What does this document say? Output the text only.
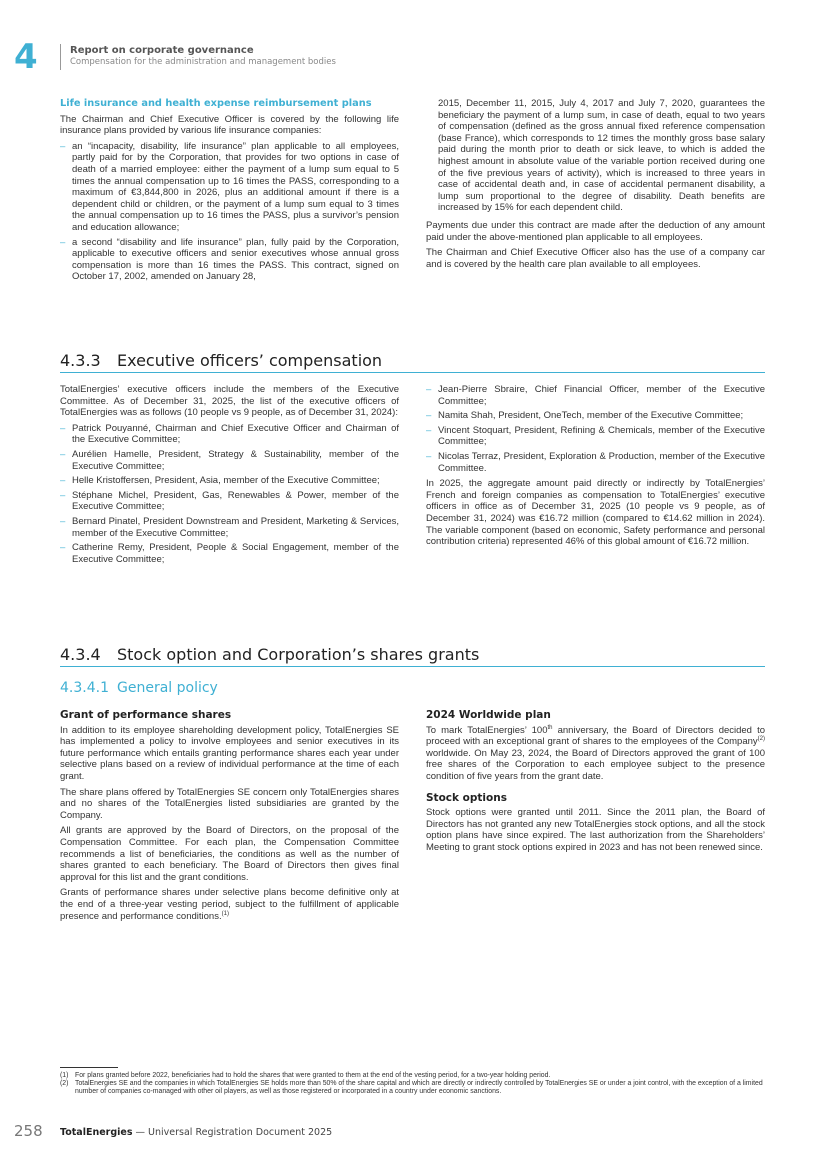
4	Report on corporate governance
Compensation for the administration and management bodies
Life insurance and health expense reimbursement plans

The Chairman and Chief Executive Officer is covered by the following life insurance plans provided by various life insurance companies:

– an “incapacity, disability, life insurance” plan applicable to all employees, partly paid for by the Corporation, that provides for two options in case of death of a married employee: either the payment of a lump sum equal to 5 times the annual compensation up to 16 times the PASS, corresponding to a maximum of €3,844,800 in 2026, plus an additional amount if there is a dependent child or children, or the payment of a lump sum equal to 3 times the annual compensation up to 16 times the PASS, plus a survivor’s pension and education allowance;
– a second “disability and life insurance” plan, fully paid by the Corporation, applicable to executive officers and senior executives whose annual gross compensation is more than 16 times the PASS. This contract, signed on October 17, 2002, amended on January 28,
2015, December 11, 2015, July 4, 2017 and July 7, 2020, guarantees the beneficiary the payment of a lump sum, in case of death, equal to two years of compensation (defined as the gross annual fixed reference compensation (base France), which corresponds to 12 times the monthly gross base salary paid during the month prior to death or sick leave, to which is added the highest amount in absolute value of the variable portion received during one of the five previous years of activity), which is increased to three years in case of accidental death and, in case of accidental permanent disability, a lump sum proportional to the degree of disability. Death benefits are increased by 15% for each dependent child.

Payments due under this contract are made after the deduction of any amount paid under the above-mentioned plan applicable to all employees.

The Chairman and Chief Executive Officer also has the use of a company car and is covered by the health care plan available to all employees.

4.3.3 Executive officers’ compensation

TotalEnergies’ executive officers include the members of the Executive Committee. As of December 31, 2025, the list of the executive officers of TotalEnergies was as follows (10 people vs 9 people, as of December 31, 2024):

– Patrick Pouyanné, Chairman and Chief Executive Officer and Chairman of the Executive Committee;
– Aurélien Hamelle, President, Strategy & Sustainability, member of the Executive Committee;
– Helle Kristoffersen, President, Asia, member of the Executive Committee;
– Stéphane Michel, President, Gas, Renewables & Power, member of the Executive Committee;
– Bernard Pinatel, President Downstream and President, Marketing & Services, member of the Executive Committee;
– Catherine Remy, President, People & Social Engagement, member of the Executive Committee;
– Jean-Pierre Sbraire, Chief Financial Officer, member of the Executive Committee;
– Namita Shah, President, OneTech, member of the Executive Committee;
– Vincent Stoquart, President, Refining & Chemicals, member of the Executive Committee;
– Nicolas Terraz, President, Exploration & Production, member of the Executive Committee.

In 2025, the aggregate amount paid directly or indirectly by TotalEnergies’ French and foreign companies as compensation to TotalEnergies’ executive officers in office as of December 31, 2025 (10 people vs 9 people, as of December 31, 2024) was €16.72 million (compared to €14.62 million in 2024). The variable component (based on economic, Safety performance and personal contribution criteria) represented 46% of this global amount of €16.72 million.

4.3.4 Stock option and Corporation’s shares grants
4.3.4.1 General policy
Grant of performance shares

In addition to its employee shareholding development policy, TotalEnergies SE has implemented a policy to involve employees and senior executives in its future performance which entails granting performance shares each year under selective plans based on a review of individual performance at the time of each grant.

The share plans offered by TotalEnergies SE concern only TotalEnergies shares and no shares of the TotalEnergies listed subsidiaries are granted by the Company.

All grants are approved by the Board of Directors, on the proposal of the Compensation Committee. For each plan, the Compensation Committee recommends a list of beneficiaries, the conditions as well as the number of shares granted to each beneficiary. The Board of Directors then gives final approval for this list and the grant conditions.

Grants of performance shares under selective plans become definitive only at the end of a three-year vesting period, subject to the fulfillment of applicable presence and performance conditions.$^{(1)}$

2024 Worldwide plan

To mark TotalEnergies’ 100th anniversary, the Board of Directors decided to proceed with an exceptional grant of shares to the employees of the Company$^{(2)}$ worldwide. On May 23, 2024, the Board of Directors approved the grant of 100 free shares of the Corporation to each employee subject to the presence condition of five years from the grant date.

Stock options

Stock options were granted until 2011. Since the 2011 plan, the Board of Directors has not granted any new TotalEnergies stock options, and all the stock option plans have since expired. The last authorization from the Shareholders’ Meeting to grant stock options expired in 2023 and has not been renewed since.

(1) For plans granted before 2022, beneficiaries had to hold the shares that were granted to them at the end of the vesting period, for a two-year holding period.
(2) TotalEnergies SE and the companies in which TotalEnergies SE holds more than 50% of the share capital and which are directly or indirectly controlled by TotalEnergies SE or under a joint control, with the exception of a limited number of companies co-managed with other oil players, as well as those registered or incorporated in a country under economic sanctions.
258 TotalEnergies — Universal Registration Document 2025
